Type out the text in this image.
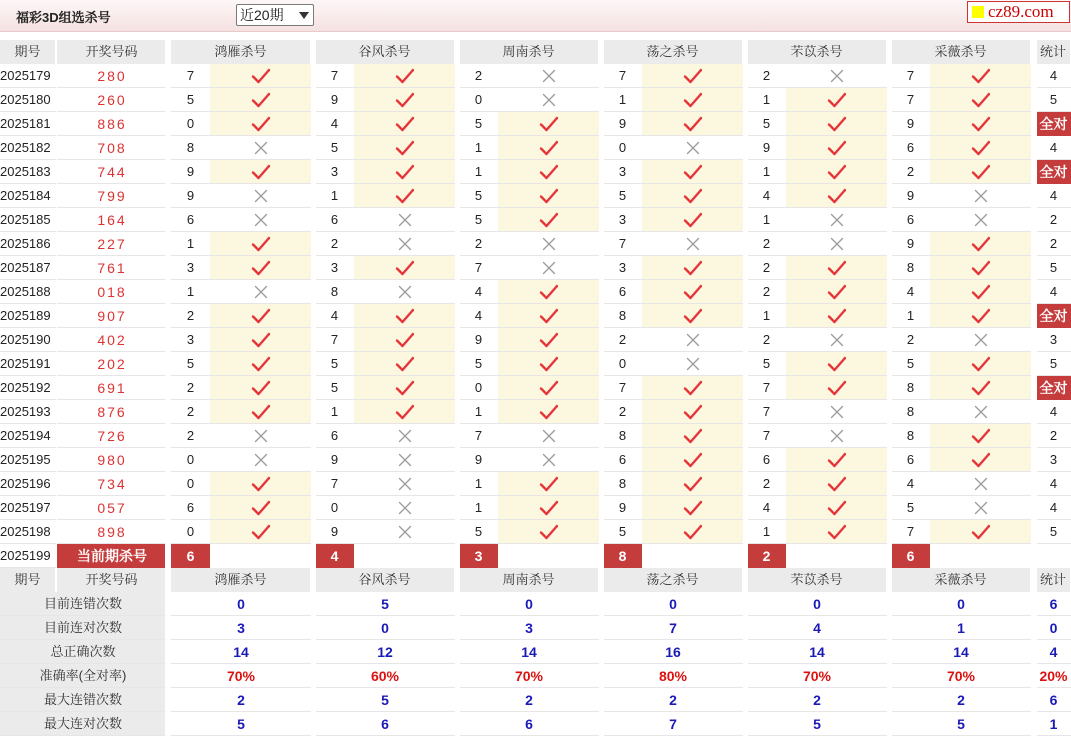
福彩3D组选杀号	近20期	cz89.com
期号	开奖号码	鸿雁杀号	谷风杀号	周南杀号	荡之杀号	芣苡杀号	采薇杀号	统计
2025179	280	7	7	2	7	2	7	4
2025180	260	5	9	0	1	1	7	5
2025181	886	0	4	5	9	5	9	全对
2025182	708	8	5	1	0	9	6	4
2025183	744	9	3	1	3	1	2	全对
2025184	799	9	1	5	5	4	9	4
2025185	164	6	6	5	3	1	6	2
2025186	227	1	2	2	7	2	9	2
2025187	761	3	3	7	3	2	8	5
2025188	018	1	8	4	6	2	4	4
2025189	907	2	4	4	8	1	1	全对
2025190	402	3	7	9	2	2	2	3
2025191	202	5	5	5	0	5	5	5
2025192	691	2	5	0	7	7	8	全对
2025193	876	2	1	1	2	7	8	4
2025194	726	2	6	7	8	7	8	2
2025195	980	0	9	9	6	6	6	3
2025196	734	0	7	1	8	2	4	4
2025197	057	6	0	1	9	4	5	4
2025198	898	0	9	5	5	1	7	5
2025199	当前期杀号	6	4	3	8	2	6
期号	开奖号码	鸿雁杀号	谷风杀号	周南杀号	荡之杀号	芣苡杀号	采薇杀号	统计
目前连错次数	0	5	0	0	0	0	6
目前连对次数	3	0	3	7	4	1	0
总正确次数	14	12	14	16	14	14	4
准确率(全对率)	70%	60%	70%	80%	70%	70%	20%
最大连错次数	2	5	2	2	2	2	6
最大连对次数	5	6	6	7	5	5	1
